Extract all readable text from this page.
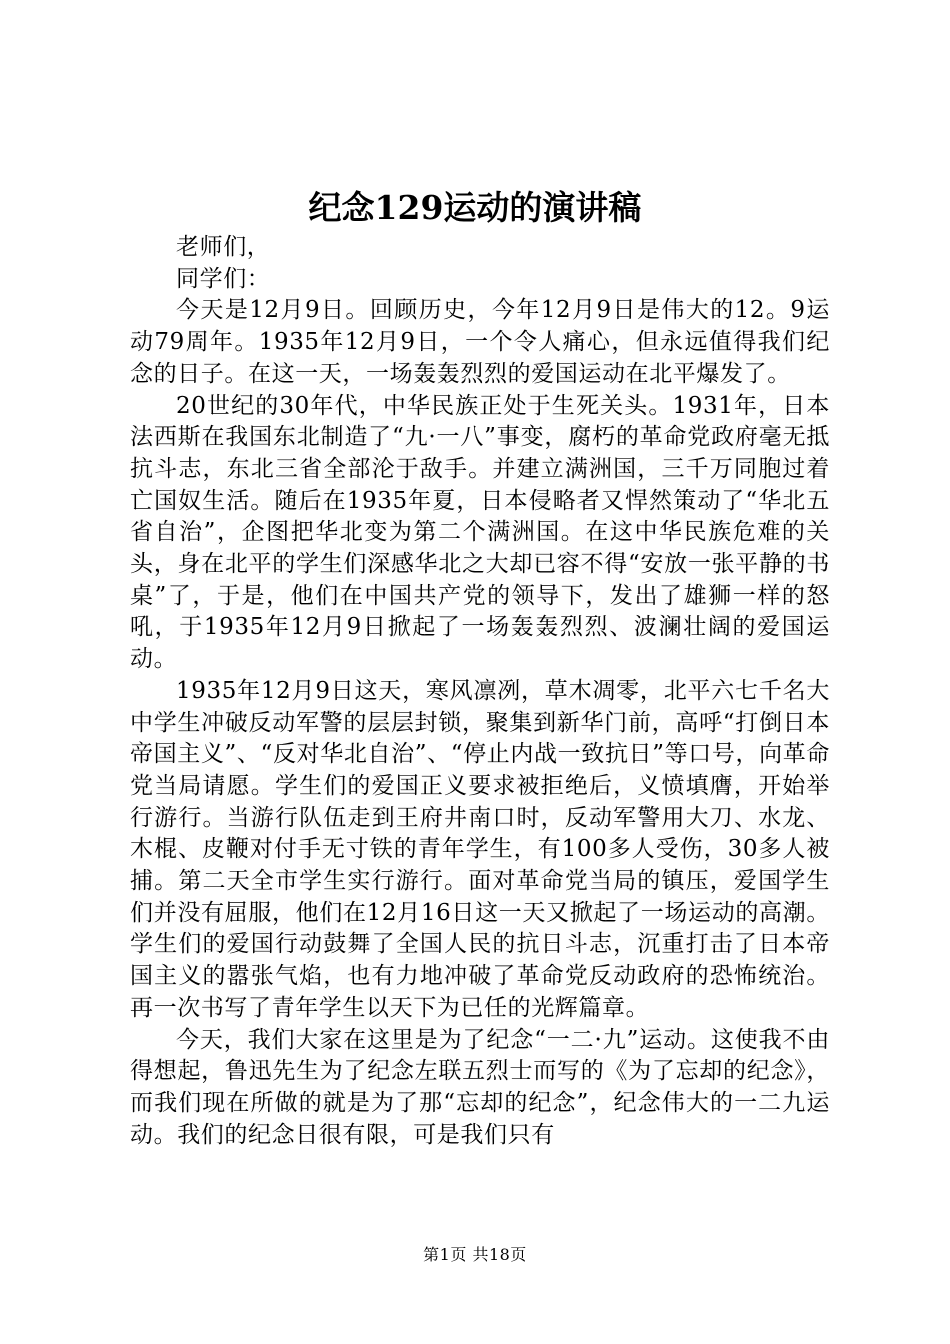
纪念129运动的演讲稿

老师们，

同学们：

今天是12月9日。回顾历史，今年12月9日是伟大的12。9运动79周年。1935年12月9日，一个令人痛心，但永远值得我们纪念的日子。在这一天，一场轰轰烈烈的爱国运动在北平爆发了。

20世纪的30年代，中华民族正处于生死关头。1931年，日本法西斯在我国东北制造了“九·一八”事变，腐朽的革命党政府毫无抵抗斗志，东北三省全部沦于敌手。并建立满洲国，三千万同胞过着亡国奴生活。随后在1935年夏，日本侵略者又悍然策动了“华北五省自治”，企图把华北变为第二个满洲国。在这中华民族危难的关头，身在北平的学生们深感华北之大却已容不得“安放一张平静的书桌”了，于是，他们在中国共产党的领导下，发出了雄狮一样的怒吼，于1935年12月9日掀起了一场轰轰烈烈、波澜壮阔的爱国运动。

1935年12月9日这天，寒风凛冽，草木凋零，北平六七千名大中学生冲破反动军警的层层封锁，聚集到新华门前，高呼“打倒日本帝国主义”、“反对华北自治”、“停止内战一致抗日”等口号，向革命党当局请愿。学生们的爱国正义要求被拒绝后，义愤填膺，开始举行游行。当游行队伍走到王府井南口时，反动军警用大刀、水龙、木棍、皮鞭对付手无寸铁的青年学生，有100多人受伤，30多人被捕。第二天全市学生实行游行。面对革命党当局的镇压，爱国学生们并没有屈服，他们在12月16日这一天又掀起了一场运动的高潮。学生们的爱国行动鼓舞了全国人民的抗日斗志，沉重打击了日本帝国主义的嚣张气焰，也有力地冲破了革命党反动政府的恐怖统治。再一次书写了青年学生以天下为已任的光辉篇章。

今天，我们大家在这里是为了纪念“一二·九”运动。这使我不由得想起，鲁迅先生为了纪念左联五烈士而写的《为了忘却的纪念》，而我们现在所做的就是为了那“忘却的纪念”，纪念伟大的一二九运动。我们的纪念日很有限，可是我们只有

第1页 共18页
